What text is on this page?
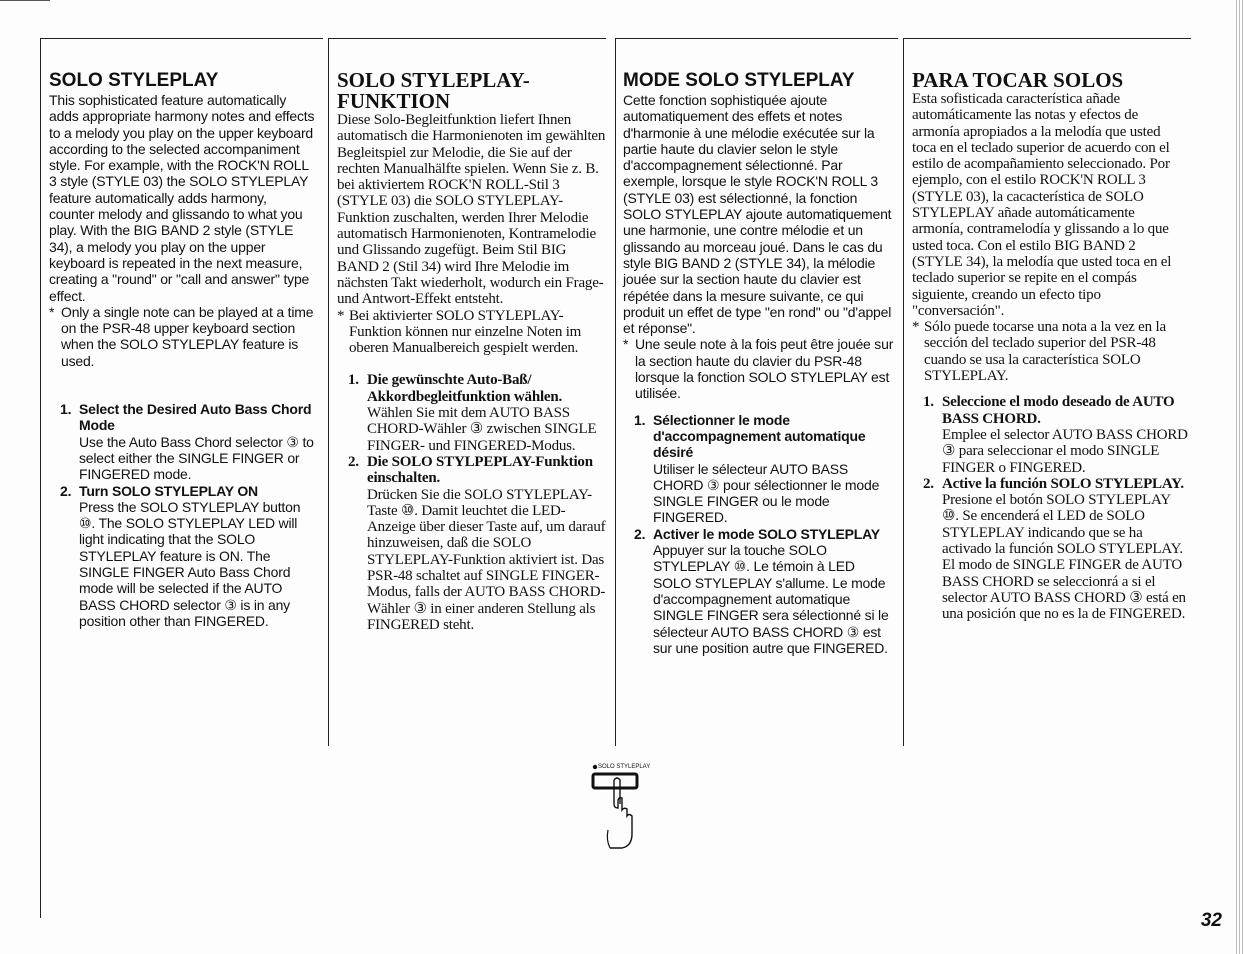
SOLO STYLEPLAY

This sophisticated feature automatically adds appropriate harmony notes and effects to a melody you play on the upper keyboard according to the selected accompaniment style. For example, with the ROCK'N ROLL 3 style (STYLE 03) the SOLO STYLEPLAY feature automatically adds harmony, counter melody and glissando to what you play. With the BIG BAND 2 style (STYLE 34), a melody you play on the upper keyboard is repeated in the next measure, creating a "round" or "call and answer" type effect.

* Only a single note can be played at a time on the PSR-48 upper keyboard section when the SOLO STYLEPLAY feature is used.
1. Select the Desired Auto Bass Chord Mode
Use the Auto Bass Chord selector ③ to select either the SINGLE FINGER or FINGERED mode.
2. Turn SOLO STYLEPLAY ON
Press the SOLO STYLEPLAY button ⑩. The SOLO STYLEPLAY LED will light indicating that the SOLO STYLEPLAY feature is ON. The SINGLE FINGER Auto Bass Chord mode will be selected if the AUTO BASS CHORD selector ③ is in any position other than FINGERED.
SOLO STYLEPLAY-FUNKTION

Diese Solo-Begleitfunktion liefert Ihnen automatisch die Harmonienoten im gewählten Begleitspiel zur Melodie, die Sie auf der rechten Manualhälfte spielen. Wenn Sie z. B. bei aktiviertem ROCK'N ROLL-Stil 3 (STYLE 03) die SOLO STYLEPLAY-Funktion zuschalten, werden Ihrer Melodie automatisch Harmonienoten, Kontramelodie und Glissando zugefügt. Beim Stil BIG BAND 2 (Stil 34) wird Ihre Melodie im nächsten Takt wiederholt, wodurch ein Frage- und Antwort-Effekt entsteht.

* Bei aktivierter SOLO STYLEPLAY-Funktion können nur einzelne Noten im oberen Manualbereich gespielt werden.
1. Die gewünschte Auto-Baß/ Akkordbegleitfunktion wählen.
Wählen Sie mit dem AUTO BASS CHORD-Wähler ③ zwischen SINGLE FINGER- und FINGERED-Modus.
2. Die SOLO STYLPEPLAY-Funktion einschalten.
Drücken Sie die SOLO STYLEPLAY-Taste ⑩. Damit leuchtet die LED-Anzeige über dieser Taste auf, um darauf hinzuweisen, daß die SOLO STYLEPLAY-Funktion aktiviert ist. Das PSR-48 schaltet auf SINGLE FINGER-Modus, falls der AUTO BASS CHORD-Wähler ③ in einer anderen Stellung als FINGERED steht.
MODE SOLO STYLEPLAY

Cette fonction sophistiquée ajoute automatiquement des effets et notes d'harmonie à une mélodie exécutée sur la partie haute du clavier selon le style d'accompagnement sélectionné. Par exemple, lorsque le style ROCK'N ROLL 3 (STYLE 03) est sélectionné, la fonction SOLO STYLEPLAY ajoute automatiquement une harmonie, une contre mélodie et un glissando au morceau joué. Dans le cas du style BIG BAND 2 (STYLE 34), la mélodie jouée sur la section haute du clavier est répétée dans la mesure suivante, ce qui produit un effet de type "en rond" ou "d'appel et réponse".

* Une seule note à la fois peut être jouée sur la section haute du clavier du PSR-48 lorsque la fonction SOLO STYLEPLAY est utilisée.
1. Sélectionner le mode d'accompagnement automatique désiré
Utiliser le sélecteur AUTO BASS CHORD ③ pour sélectionner le mode SINGLE FINGER ou le mode FINGERED.
2. Activer le mode SOLO STYLEPLAY
Appuyer sur la touche SOLO STYLEPLAY ⑩. Le témoin à LED SOLO STYLEPLAY s'allume. Le mode d'accompagnement automatique SINGLE FINGER sera sélectionné si le sélecteur AUTO BASS CHORD ③ est sur une position autre que FINGERED.
PARA TOCAR SOLOS

Esta sofisticada característica añade automáticamente las notas y efectos de armonía apropiados a la melodía que usted toca en el teclado superior de acuerdo con el estilo de acompañamiento seleccionado. Por ejemplo, con el estilo ROCK'N ROLL 3 (STYLE 03), la cacacterística de SOLO STYLEPLAY añade automáticamente armonía, contramelodía y glissando a lo que usted toca. Con el estilo BIG BAND 2 (STYLE 34), la melodía que usted toca en el teclado superior se repite en el compás siguiente, creando un efecto tipo "conversación".

* Sólo puede tocarse una nota a la vez en la sección del teclado superior del PSR-48 cuando se usa la característica SOLO STYLEPLAY.
1. Seleccione el modo deseado de AUTO BASS CHORD.
Emplee el selector AUTO BASS CHORD ③ para seleccionar el modo SINGLE FINGER o FINGERED.
2. Active la función SOLO STYLEPLAY.
Presione el botón SOLO STYLEPLAY ⑩. Se encenderá el LED de SOLO STYLEPLAY indicando que se ha activado la función SOLO STYLEPLAY. El modo de SINGLE FINGER de AUTO BASS CHORD se seleccionrá a si el selector AUTO BASS CHORD ③ está en una posición que no es la de FINGERED.
SOLO STYLEPLAY
32
